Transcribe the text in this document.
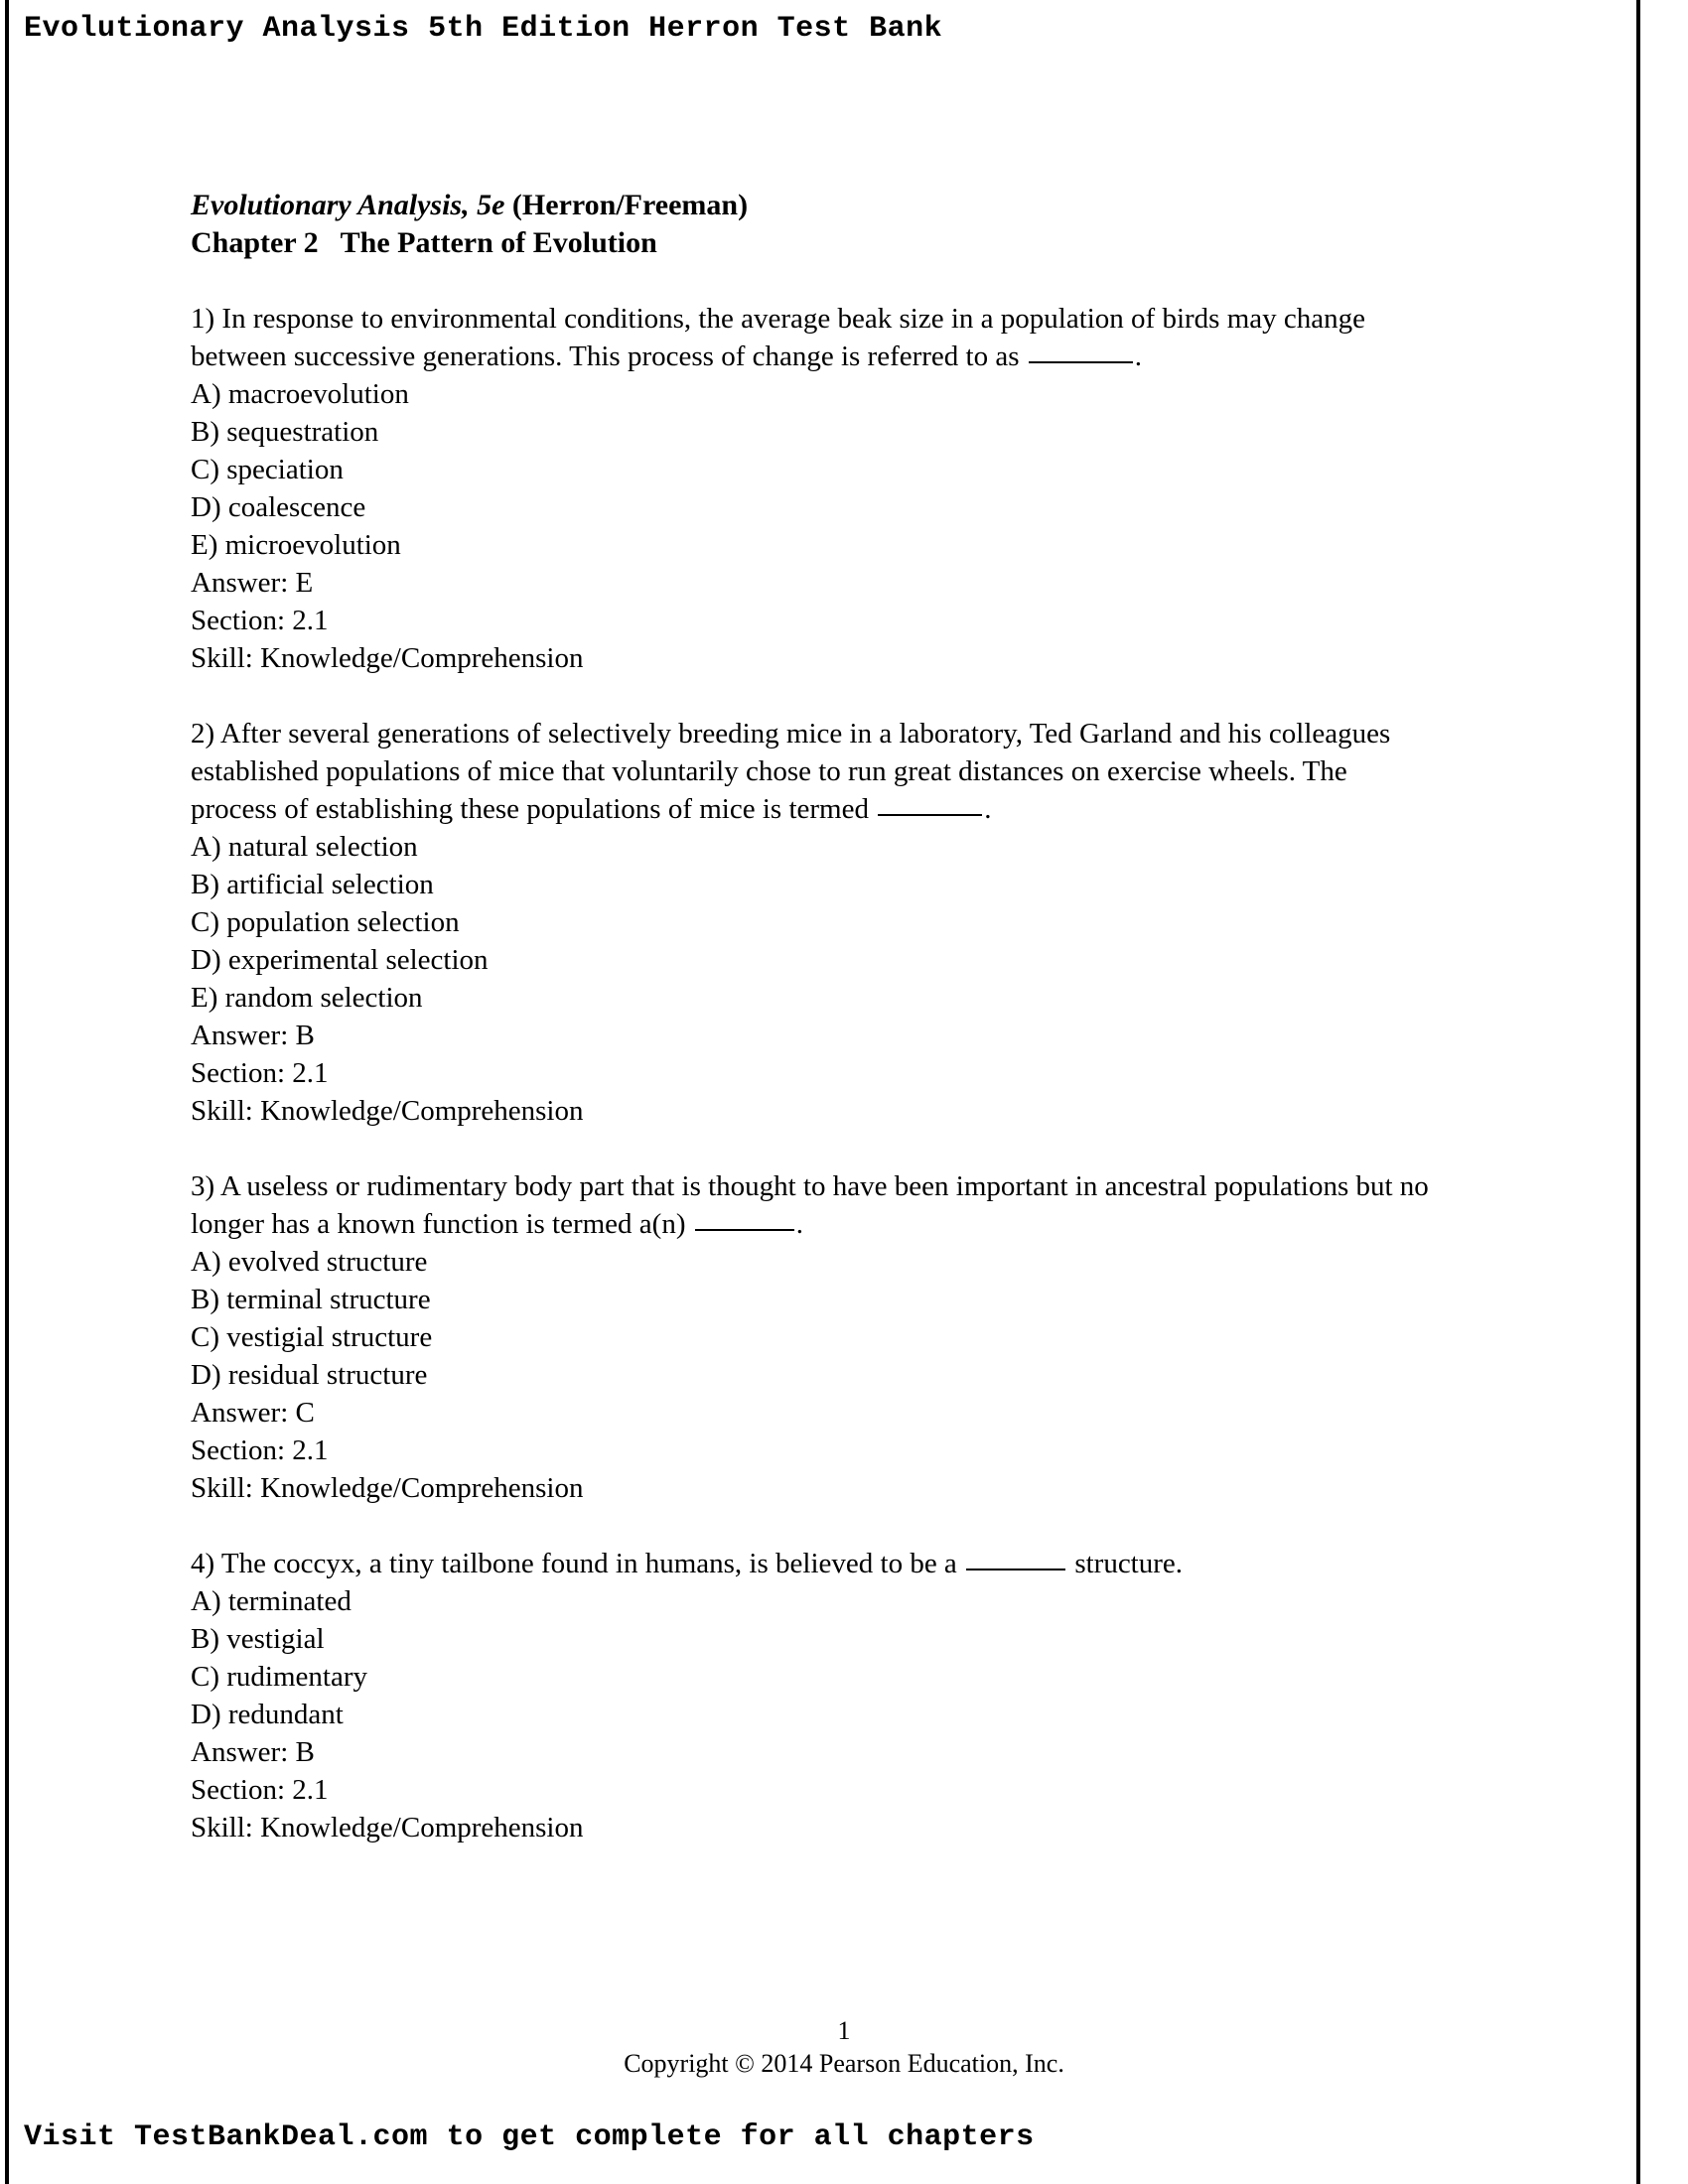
Evolutionary Analysis 5th Edition Herron Test Bank
Evolutionary Analysis, 5e (Herron/Freeman)
Chapter 2 The Pattern of Evolution
1) In response to environmental conditions, the average beak size in a population of birds may change between successive generations. This process of change is referred to as	.
A) macroevolution
B) sequestration
C) speciation
D) coalescence
E) microevolution
Answer: E
Section: 2.1
Skill: Knowledge/Comprehension
2) After several generations of selectively breeding mice in a laboratory, Ted Garland and his colleagues established populations of mice that voluntarily chose to run great distances on exercise wheels. The process of establishing these populations of mice is termed	.
A) natural selection
B) artificial selection
C) population selection
D) experimental selection
E) random selection
Answer: B
Section: 2.1
Skill: Knowledge/Comprehension
3) A useless or rudimentary body part that is thought to have been important in ancestral populations but no longer has a known function is termed a(n)	.
A) evolved structure
B) terminal structure
C) vestigial structure
D) residual structure
Answer: C
Section: 2.1
Skill: Knowledge/Comprehension
4) The coccyx, a tiny tailbone found in humans, is believed to be a	structure.
A) terminated
B) vestigial
C) rudimentary
D) redundant
Answer: B
Section: 2.1
Skill: Knowledge/Comprehension
1
Copyright © 2014 Pearson Education, Inc.
Visit TestBankDeal.com to get complete for all chapters
